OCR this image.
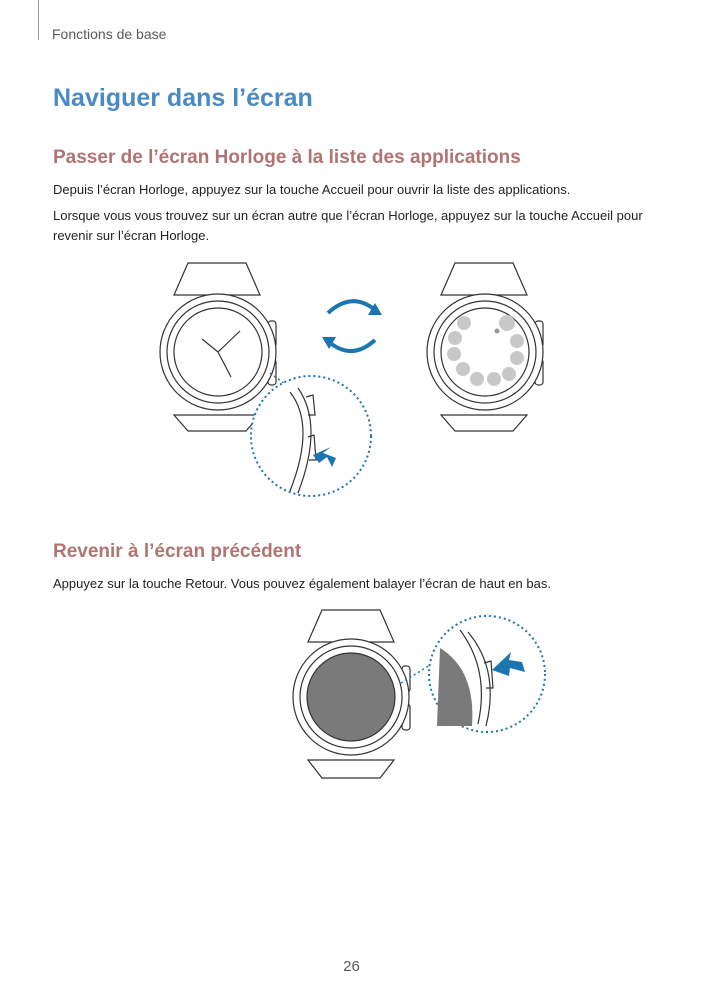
Fonctions de base
Naviguer dans l’écran
Passer de l’écran Horloge à la liste des applications

Depuis l’écran Horloge, appuyez sur la touche Accueil pour ouvrir la liste des applications.

Lorsque vous vous trouvez sur un écran autre que l’écran Horloge, appuyez sur la touche Accueil pour revenir sur l’écran Horloge.

Revenir à l’écran précédent

Appuyez sur la touche Retour. Vous pouvez également balayer l’écran de haut en bas.

26
